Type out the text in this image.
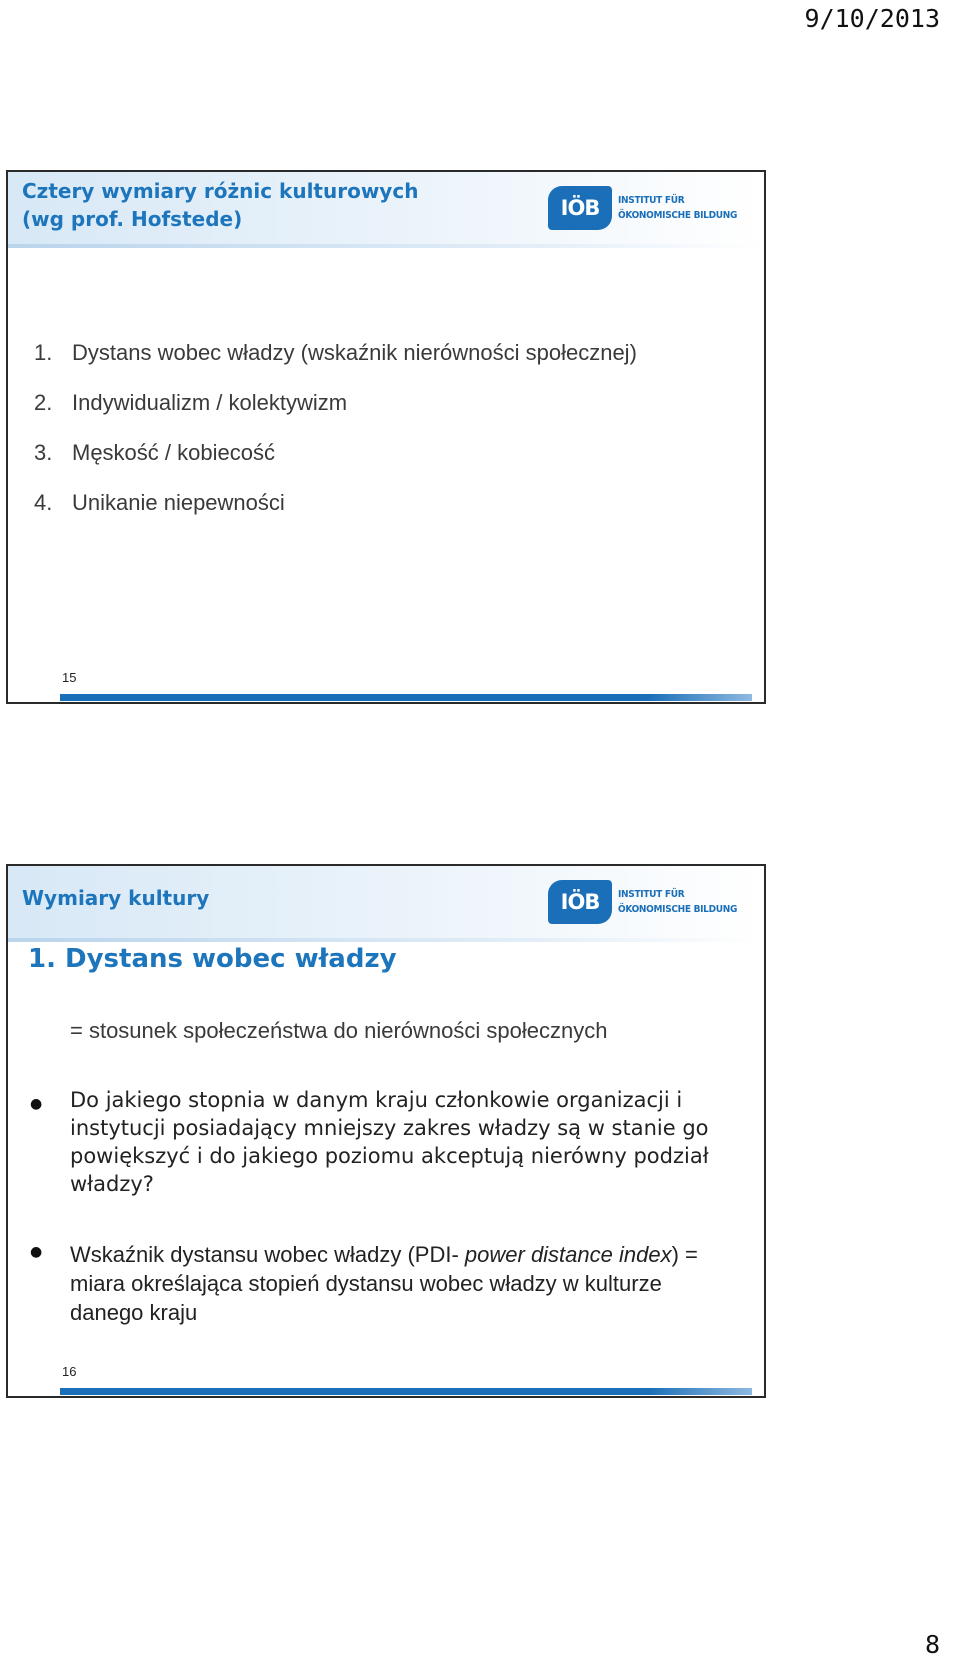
9/10/2013
Cztery wymiary różnic kulturowych
(wg prof. Hofstede)	IÖB	INSTITUT FÜR
ÖKONOMISCHE BILDUNG
1. Dystans wobec władzy (wskaźnik nierówności społecznej)
2. Indywidualizm / kolektywizm
3. Męskość / kobiecość
4. Unikanie niepewności
15
Wymiary kultury	IÖB	INSTITUT FÜR
ÖKONOMISCHE BILDUNG
1. Dystans wobec władzy
= stosunek społeczeństwa do nierówności społecznych
● Do jakiego stopnia w danym kraju członkowie organizacji i instytucji posiadający mniejszy zakres władzy są w stanie go powiększyć i do jakiego poziomu akceptują nierówny podział władzy?
● Wskaźnik dystansu wobec władzy (PDI- power distance index) = miara określająca stopień dystansu wobec władzy w kulturze danego kraju
16
8
